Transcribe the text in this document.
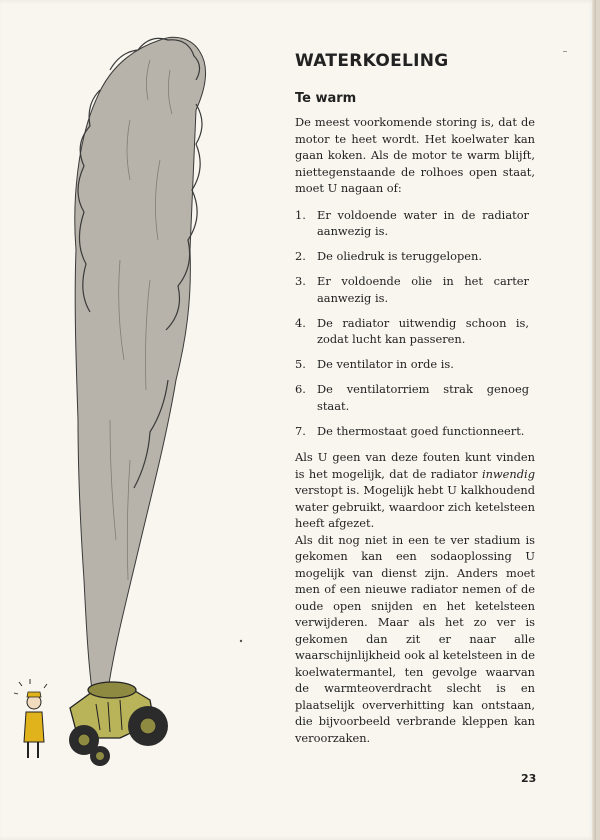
WATERKOELING
Te warm

De meest voorkomende storing is, dat de motor te heet wordt. Het koelwater kan gaan koken. Als de motor te warm blijft, niettegenstaande de rolhoes open staat, moet U nagaan of:

1. Er voldoende water in de radiator aanwezig is.
2. De oliedruk is teruggelopen.
3. Er voldoende olie in het carter aanwezig is.
4. De radiator uitwendig schoon is, zodat lucht kan passeren.
5. De ventilator in orde is.
6. De ventilatorriem strak genoeg staat.
7. De thermostaat goed functionneert.

Als U geen van deze fouten kunt vinden is het mogelijk, dat de radiator inwendig verstopt is. Mogelijk hebt U kalkhoudend water gebruikt, waardoor zich ketelsteen heeft afgezet.

Als dit nog niet in een te ver stadium is gekomen kan een sodaoplossing U mogelijk van dienst zijn. Anders moet men of een nieuwe radiator nemen of de oude open snijden en het ketelsteen verwijderen. Maar als het zo ver is gekomen dan zit er naar alle waarschijnlijkheid ook al ketelsteen in de koelwatermantel, ten gevolge waarvan de warmteoverdracht slecht is en plaatselijk oververhitting kan ontstaan, die bijvoorbeeld verbrande kleppen kan veroorzaken.

23
